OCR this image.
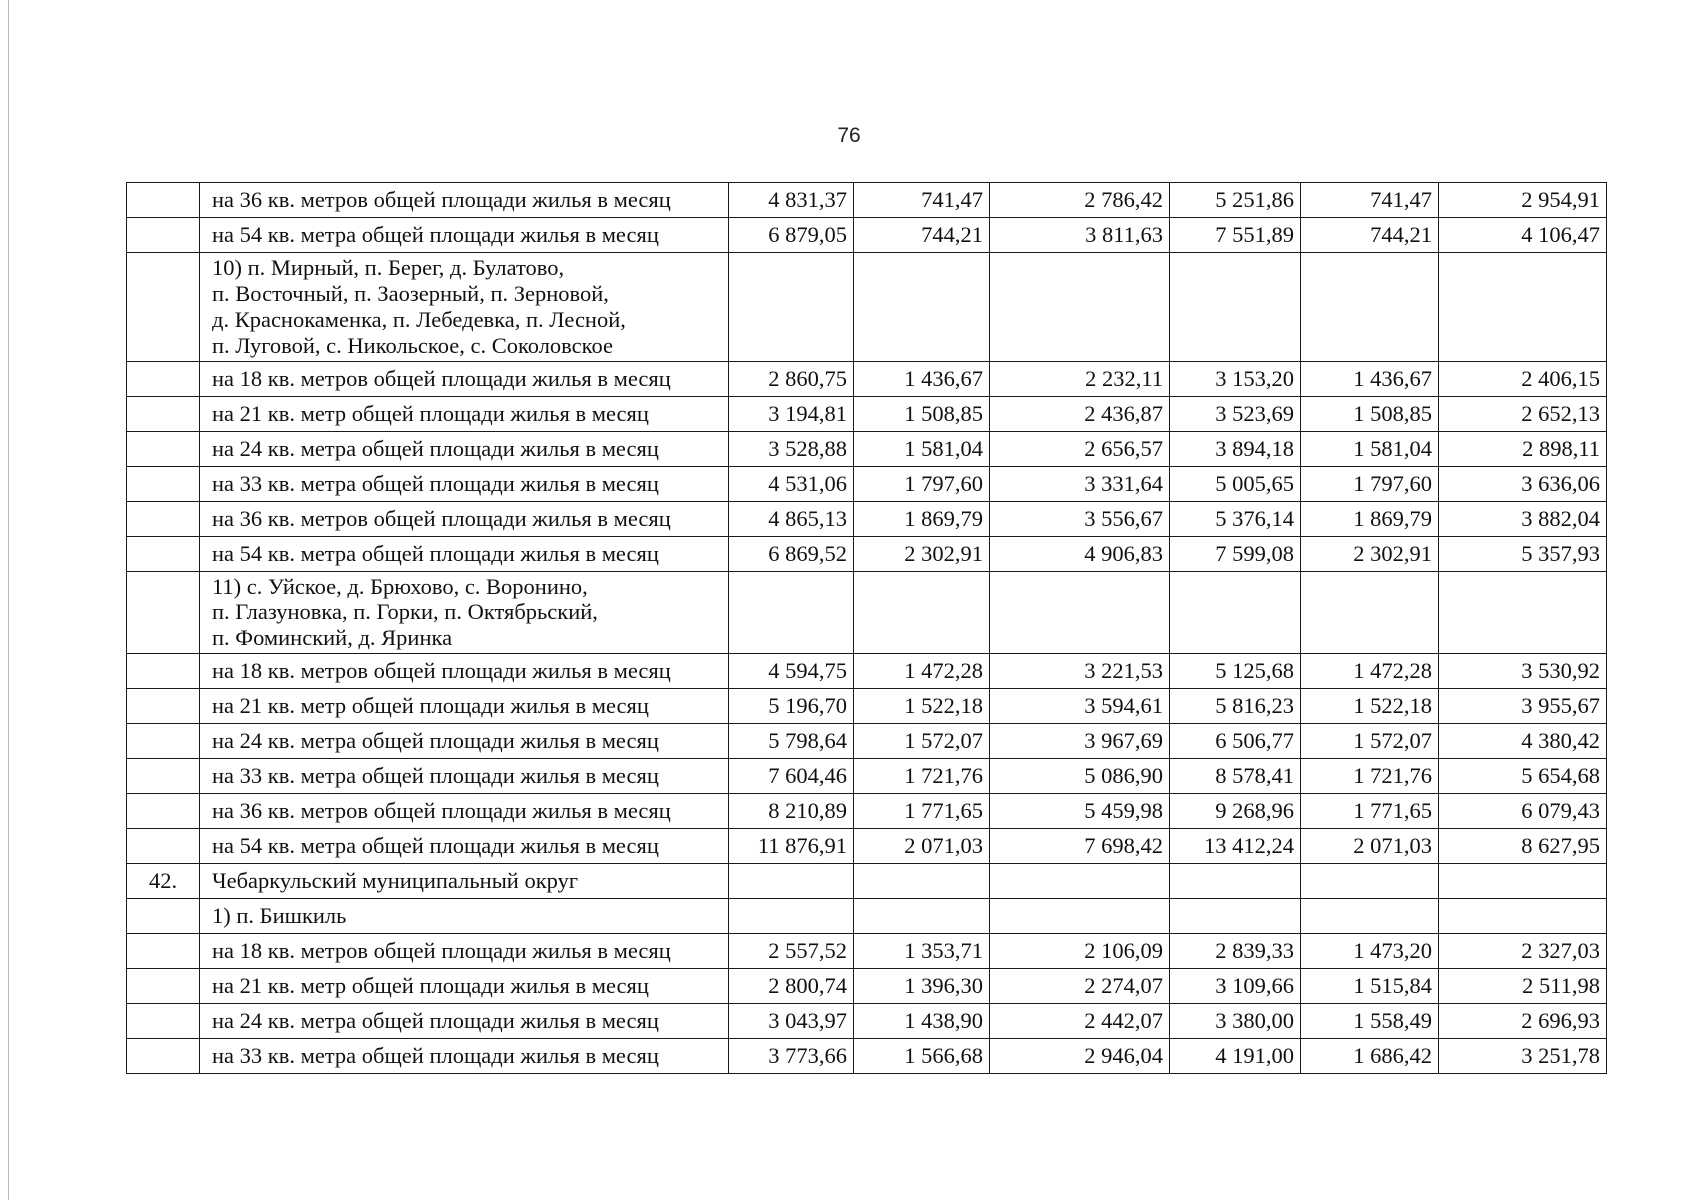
76
	на 36 кв. метров общей площади жилья в месяц	4 831,37	741,47	2 786,42	5 251,86	741,47	2 954,91
	на 54 кв. метра общей площади жилья в месяц	6 879,05	744,21	3 811,63	7 551,89	744,21	4 106,47

	10) п. Мирный, п. Берег, д. Булатово,
п. Восточный, п. Заозерный, п. Зерновой,
д. Краснокаменка, п. Лебедевка, п. Лесной,
п. Луговой, с. Никольское, с. Соколовское						

	на 18 кв. метров общей площади жилья в месяц	2 860,75	1 436,67	2 232,11	3 153,20	1 436,67	2 406,15
	на 21 кв. метр общей площади жилья в месяц	3 194,81	1 508,85	2 436,87	3 523,69	1 508,85	2 652,13
	на 24 кв. метра общей площади жилья в месяц	3 528,88	1 581,04	2 656,57	3 894,18	1 581,04	2 898,11
	на 33 кв. метра общей площади жилья в месяц	4 531,06	1 797,60	3 331,64	5 005,65	1 797,60	3 636,06
	на 36 кв. метров общей площади жилья в месяц	4 865,13	1 869,79	3 556,67	5 376,14	1 869,79	3 882,04
	на 54 кв. метра общей площади жилья в месяц	6 869,52	2 302,91	4 906,83	7 599,08	2 302,91	5 357,93

	11) с. Уйское, д. Брюхово, с. Воронино,
п. Глазуновка, п. Горки, п. Октябрьский,
п. Фоминский, д. Яринка						

	на 18 кв. метров общей площади жилья в месяц	4 594,75	1 472,28	3 221,53	5 125,68	1 472,28	3 530,92
	на 21 кв. метр общей площади жилья в месяц	5 196,70	1 522,18	3 594,61	5 816,23	1 522,18	3 955,67
	на 24 кв. метра общей площади жилья в месяц	5 798,64	1 572,07	3 967,69	6 506,77	1 572,07	4 380,42
	на 33 кв. метра общей площади жилья в месяц	7 604,46	1 721,76	5 086,90	8 578,41	1 721,76	5 654,68
	на 36 кв. метров общей площади жилья в месяц	8 210,89	1 771,65	5 459,98	9 268,96	1 771,65	6 079,43
	на 54 кв. метра общей площади жилья в месяц	11 876,91	2 071,03	7 698,42	13 412,24	2 071,03	8 627,95
42.	Чебаркульский муниципальный округ						
	1) п. Бишкиль						
	на 18 кв. метров общей площади жилья в месяц	2 557,52	1 353,71	2 106,09	2 839,33	1 473,20	2 327,03
	на 21 кв. метр общей площади жилья в месяц	2 800,74	1 396,30	2 274,07	3 109,66	1 515,84	2 511,98
	на 24 кв. метра общей площади жилья в месяц	3 043,97	1 438,90	2 442,07	3 380,00	1 558,49	2 696,93
	на 33 кв. метра общей площади жилья в месяц	3 773,66	1 566,68	2 946,04	4 191,00	1 686,42	3 251,78
